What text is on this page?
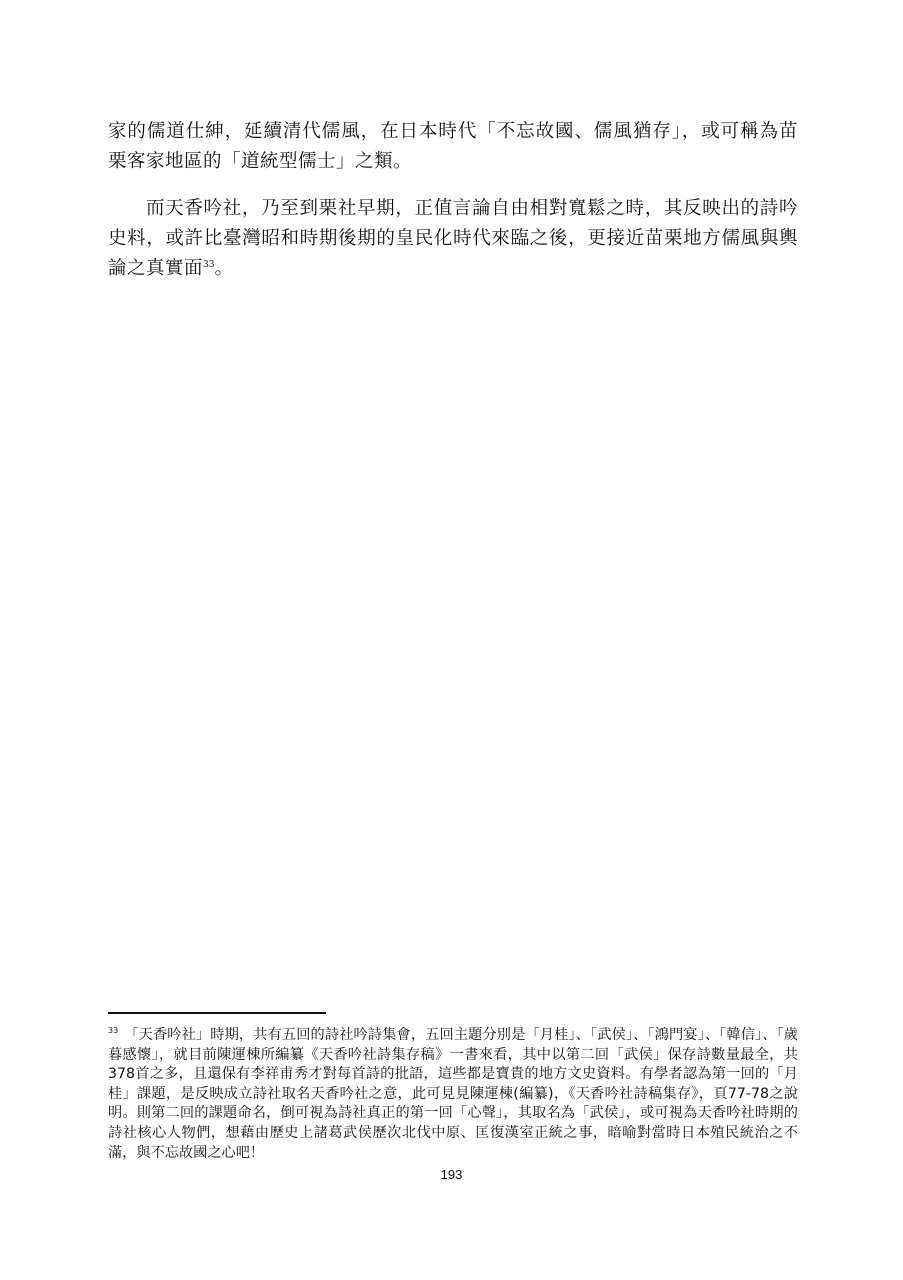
家的儒道仕紳，延續清代儒風，在日本時代「不忘故國、儒風猶存」，或可稱為苗栗客家地區的「道統型儒士」之類。

而天香吟社，乃至到栗社早期，正值言論自由相對寬鬆之時，其反映出的詩吟史料，或許比臺灣昭和時期後期的皇民化時代來臨之後，更接近苗栗地方儒風與輿論之真實面$^{33}$。

$^{33}$ 「天香吟社」時期，共有五回的詩社吟詩集會，五回主題分別是「月桂」、「武侯」、「鴻門宴」、「韓信」、「歲暮感懷」，就目前陳運棟所編纂《天香吟社詩集存稿》一書來看，其中以第二回「武侯」保存詩數量最全，共378首之多，且還保有李祥甫秀才對每首詩的批語，這些都是寶貴的地方文史資料。有學者認為第一回的「月桂」課題，是反映成立詩社取名天香吟社之意，此可見見陳運棟(編纂)，《天香吟社詩稿集存》，頁77-78之說明。則第二回的課題命名，倒可視為詩社真正的第一回「心聲」，其取名為「武侯」，或可視為天香吟社時期的詩社核心人物們，想藉由歷史上諸葛武侯歷次北伐中原、匡復漢室正統之事，暗喻對當時日本殖民統治之不滿，與不忘故國之心吧！
193
